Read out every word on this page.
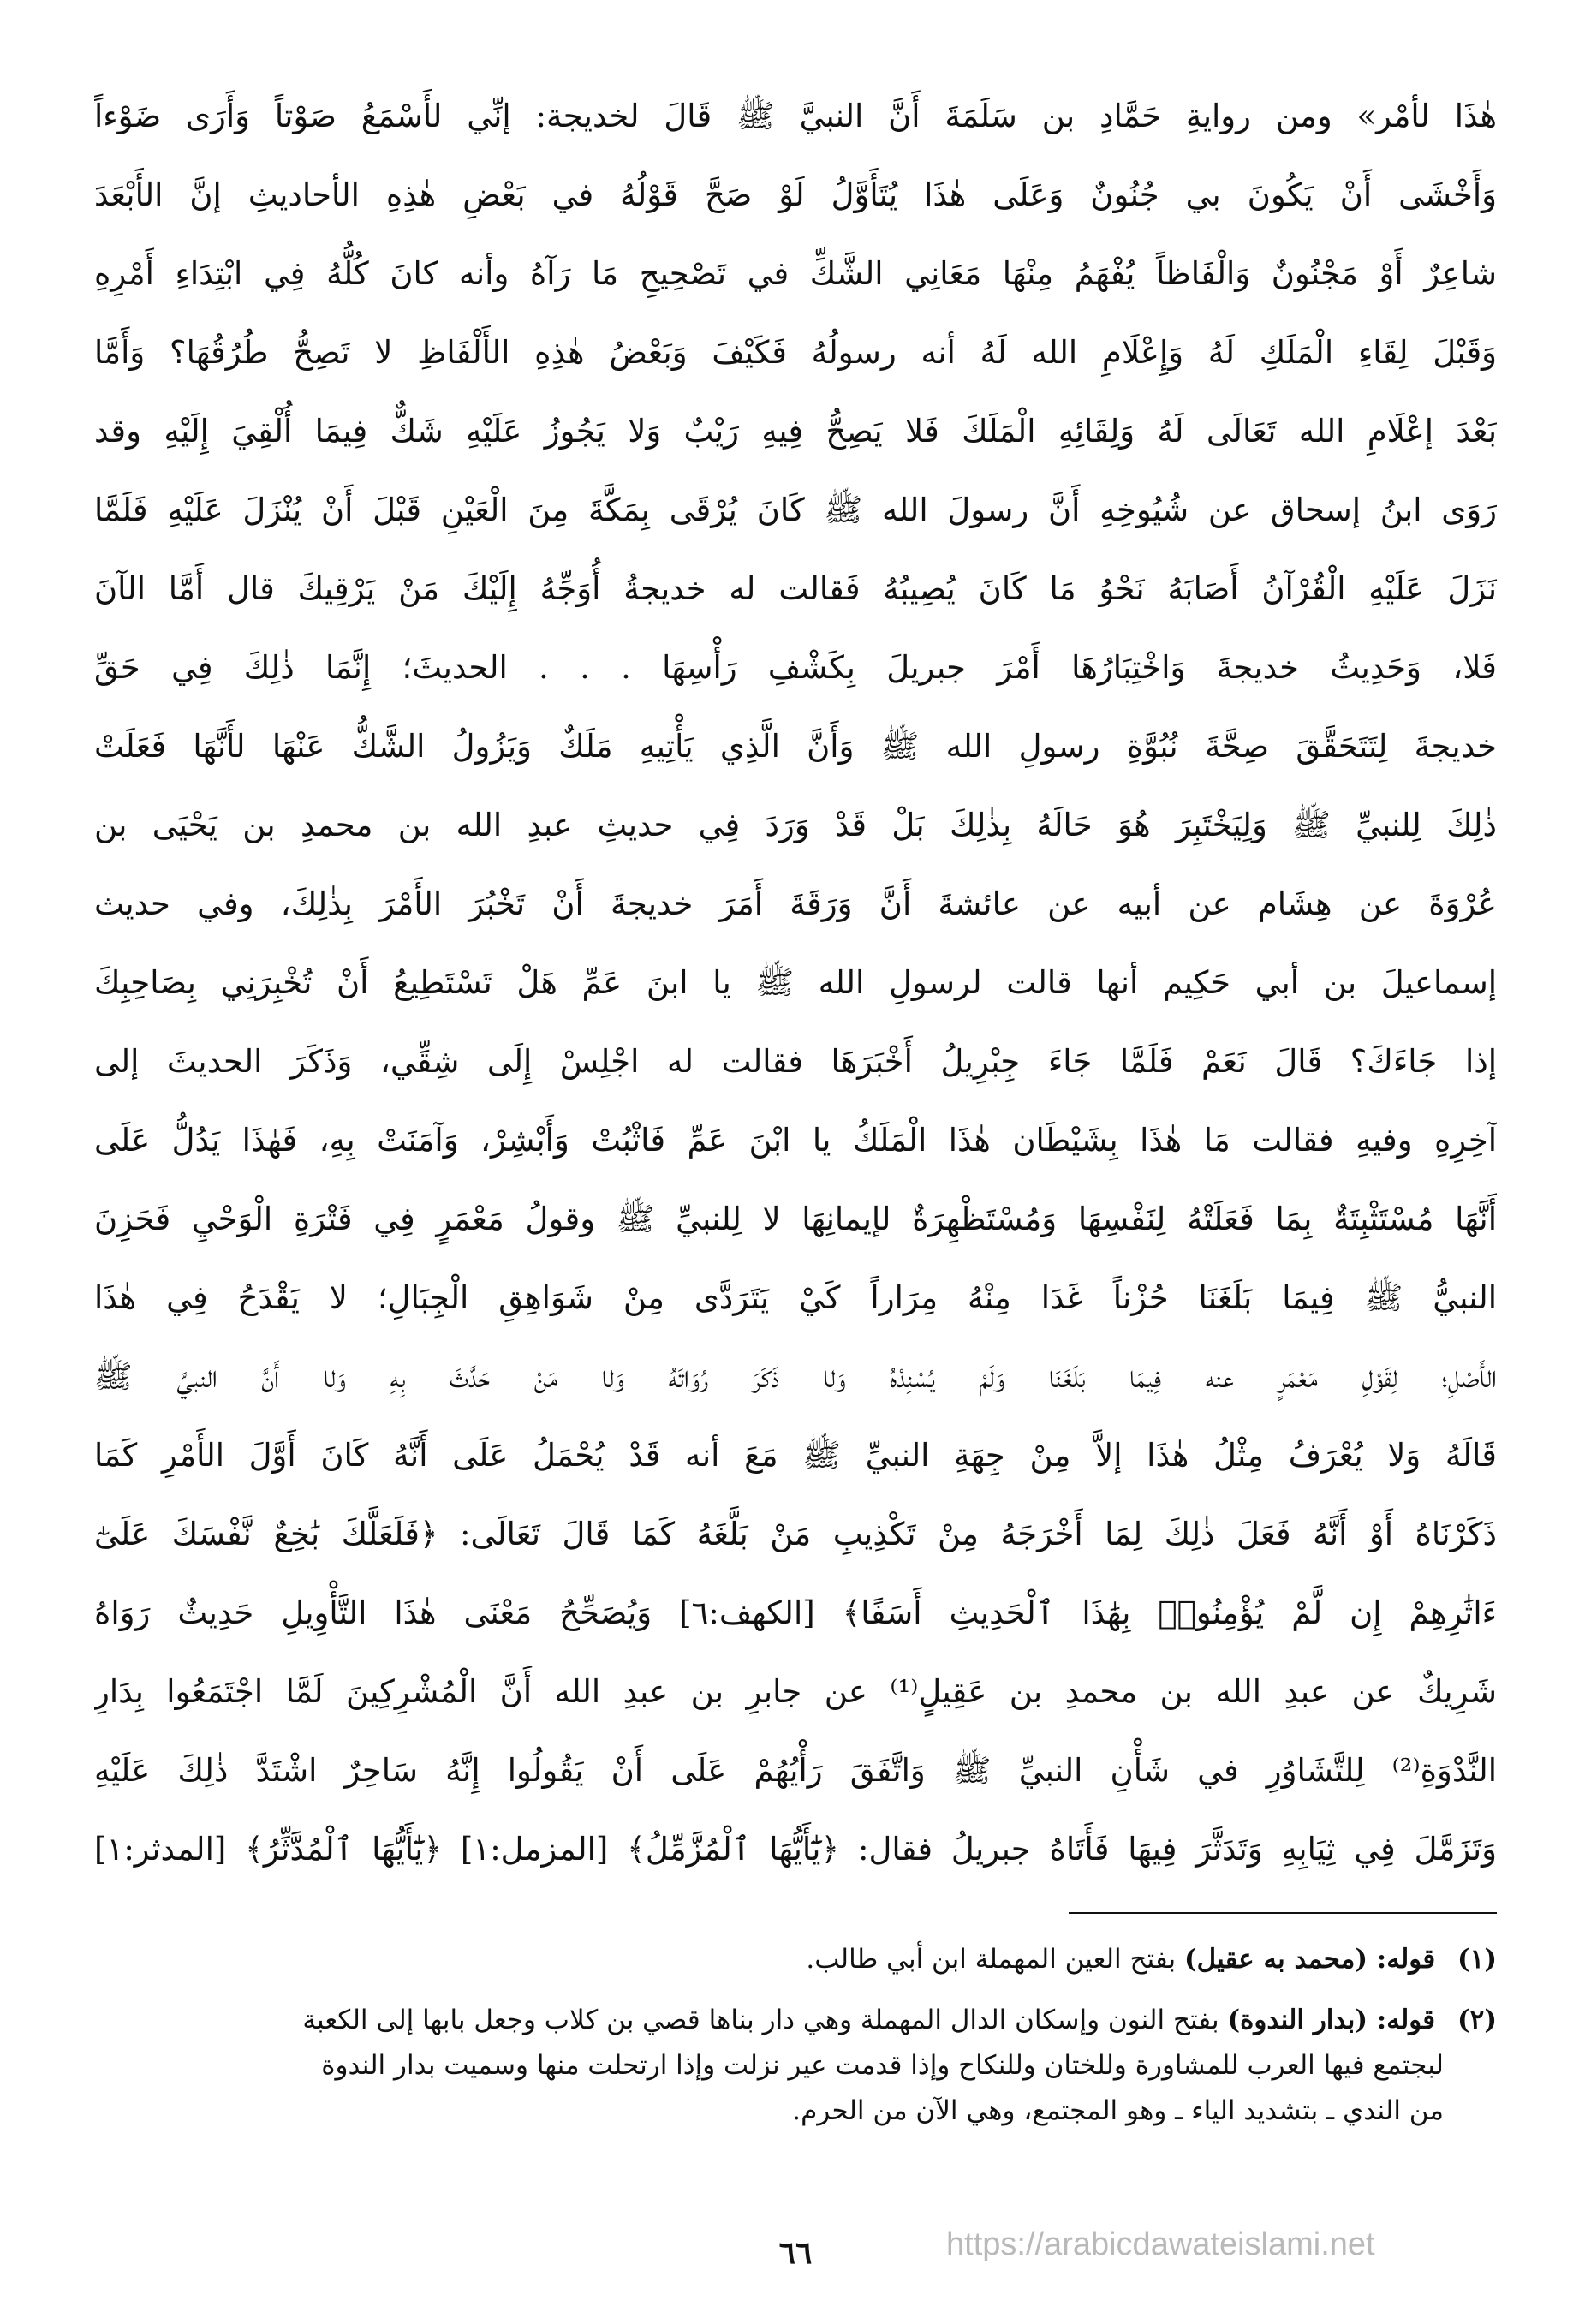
هٰذَا لأمْر» ومن روايةِ حَمَّادِ بن سَلَمَةَ أَنَّ النبيَّ ﷺ قَالَ لخديجة: إنِّي لأَسْمَعُ صَوْتاً وَأَرَى ضَوْءاً
وَأَخْشَى أَنْ يَكُونَ بي جُنُونٌ وَعَلَى هٰذَا يُتَأَوَّلُ لَوْ صَحَّ قَوْلُهُ في بَعْضِ هٰذِهِ الأحاديثِ إنَّ الأَبْعَدَ
شاعِرٌ أَوْ مَجْنُونٌ وَالْفَاظاً يُفْهَمُ مِنْهَا مَعَانِي الشَّكِّ في تَصْحِيحِ مَا رَآهُ وأنه كانَ كُلُّهُ فِي ابْتِدَاءِ أَمْرِهِ
وَقَبْلَ لِقَاءِ الْمَلَكِ لَهُ وَإِعْلَامِ الله لَهُ أنه رسولُهُ فَكَيْفَ وَبَعْضُ هٰذِهِ الأَلْفَاظِ لا تَصِحُّ طُرُقُهَا؟ وَأَمَّا
بَعْدَ إعْلَامِ الله تَعَالَى لَهُ وَلِقَائِهِ الْمَلَكَ فَلا يَصِحُّ فِيهِ رَيْبٌ وَلا يَجُوزُ عَلَيْهِ شَكٌّ فِيمَا أُلْقِيَ إِلَيْهِ وقد
رَوَى ابنُ إسحاق عن شُيُوخِهِ أَنَّ رسولَ الله ﷺ كَانَ يُرْقَى بِمَكَّةَ مِنَ الْعَيْنِ قَبْلَ أَنْ يُنْزَلَ عَلَيْهِ فَلَمَّا
نَزَلَ عَلَيْهِ الْقُرْآنُ أَصَابَهُ نَحْوُ مَا كَانَ يُصِيبُهُ فَقالت له خديجةُ أُوَجِّهُ إِلَيْكَ مَنْ يَرْقِيكَ قال أَمَّا الآنَ
فَلا، وَحَدِيثُ خديجةَ وَاخْتِبَارُهَا أَمْرَ جبريلَ بِكَشْفِ رَأْسِهَا . . . الحديثَ؛ إِنَّمَا ذٰلِكَ فِي حَقِّ
خديجةَ لِتَتَحَقَّقَ صِحَّةَ نُبُوَّةِ رسولِ الله ﷺ وَأَنَّ الَّذِي يَأْتِيهِ مَلَكٌ وَيَزُولُ الشَّكُّ عَنْهَا لأَنَّهَا فَعَلَتْ
ذٰلِكَ لِلنبيِّ ﷺ وَلِيَخْتَبِرَ هُوَ حَالَهُ بِذٰلِكَ بَلْ قَدْ وَرَدَ فِي حديثِ عبدِ الله بن محمدِ بن يَحْيَى بن
عُرْوَةَ عن هِشَام عن أبيه عن عائشةَ أَنَّ وَرَقَةَ أَمَرَ خديجةَ أَنْ تَخْبُرَ الأَمْرَ بِذٰلِكَ، وفي حديث
إسماعيلَ بن أبي حَكِيم أنها قالت لرسولِ الله ﷺ يا ابنَ عَمِّ هَلْ تَسْتَطِيعُ أَنْ تُخْبِرَنِي بِصَاحِبِكَ
إذا جَاءَكَ؟ قَالَ نَعَمْ فَلَمَّا جَاءَ جِبْرِيلُ أَخْبَرَهَا فقالت له اجْلِسْ إِلَى شِقِّي، وَذَكَرَ الحديثَ إلى
آخِرِهِ وفيهِ فقالت مَا هٰذَا بِشَيْطَان هٰذَا الْمَلَكُ يا ابْنَ عَمِّ فَاثْبُتْ وَأَبْشِرْ، وَآمَنَتْ بِهِ، فَهٰذَا يَدُلُّ عَلَى
أَنَّهَا مُسْتَثْبِتَةٌ بِمَا فَعَلَتْهُ لِنَفْسِهَا وَمُسْتَظْهِرَةٌ لإيمانِهَا لا لِلنبيِّ ﷺ وقولُ مَعْمَرٍ فِي فَتْرَةِ الْوَحْيِ فَحَزِنَ
النبيُّ ﷺ فِيمَا بَلَغَنَا حُزْناً غَدَا مِنْهُ مِرَاراً كَيْ يَتَرَدَّى مِنْ شَوَاهِقِ الْجِبَالِ؛ لا يَقْدَحُ فِي هٰذَا
الأَصْلِ؛ لِقَوْلِ مَعْمَرٍ عنه فِيمَا بَلَغَنَا وَلَمْ يُسْنِدْهُ وَلا ذَكَرَ رُوَاتَهُ وَلا مَنْ حَدَّثَ بِهِ وَلا أَنَّ النبيَّ ﷺ
قَالَهُ وَلا يُعْرَفُ مِثْلُ هٰذَا إلاَّ مِنْ جِهَةِ النبيِّ ﷺ مَعَ أنه قَدْ يُحْمَلُ عَلَى أَنَّهُ كَانَ أَوَّلَ الأَمْرِ كَمَا
ذَكَرْنَاهُ أَوْ أَنَّهُ فَعَلَ ذٰلِكَ لِمَا أَخْرَجَهُ مِنْ تَكْذِيبِ مَنْ بَلَّغَهُ كَمَا قَالَ تَعَالَى: ﴿فَلَعَلَّكَ بَٰخِعٌ نَّفْسَكَ عَلَىٰٓ
ءَاثَٰرِهِمْ إِن لَّمْ يُؤْمِنُوا۟ بِهَٰذَا ٱلْحَدِيثِ أَسَفًا﴾ [الكهف:٦] وَيُصَحِّحُ مَعْنَى هٰذَا التَّأْوِيلِ حَدِيثٌ رَوَاهُ
شَرِيكٌ عن عبدِ الله بن محمدِ بن عَقِيلٍ⁽¹⁾ عن جابرِ بن عبدِ الله أَنَّ الْمُشْرِكِينَ لَمَّا اجْتَمَعُوا بِدَارِ
النَّدْوَةِ⁽²⁾ لِلتَّشَاوُرِ في شَأْنِ النبيِّ ﷺ وَاتَّفَقَ رَأْيُهُمْ عَلَى أَنْ يَقُولُوا إِنَّهُ سَاحِرٌ اشْتَدَّ ذٰلِكَ عَلَيْهِ
وَتَزَمَّلَ فِي ثِيَابِهِ وَتَدَثَّرَ فِيهَا فَأَتَاهُ جبريلُ فقال: ﴿يَٰٓأَيُّهَا ٱلْمُزَّمِّلُ﴾ [المزمل:١] ﴿يَٰٓأَيُّهَا ٱلْمُدَّثِّرُ﴾ [المدثر:١]
(١) قوله: (محمد به عقيل) بفتح العين المهملة ابن أبي طالب.
(٢) قوله: (بدار الندوة) بفتح النون وإسكان الدال المهملة وهي دار بناها قصي بن كلاب وجعل بابها إلى الكعبة
لبجتمع فيها العرب للمشاورة وللختان وللنكاح وإذا قدمت عير نزلت وإذا ارتحلت منها وسميت بدار الندوة
من الندي ـ بتشديد الياء ـ وهو المجتمع، وهي الآن من الحرم.
٦٦	https://arabicdawateislami.net
